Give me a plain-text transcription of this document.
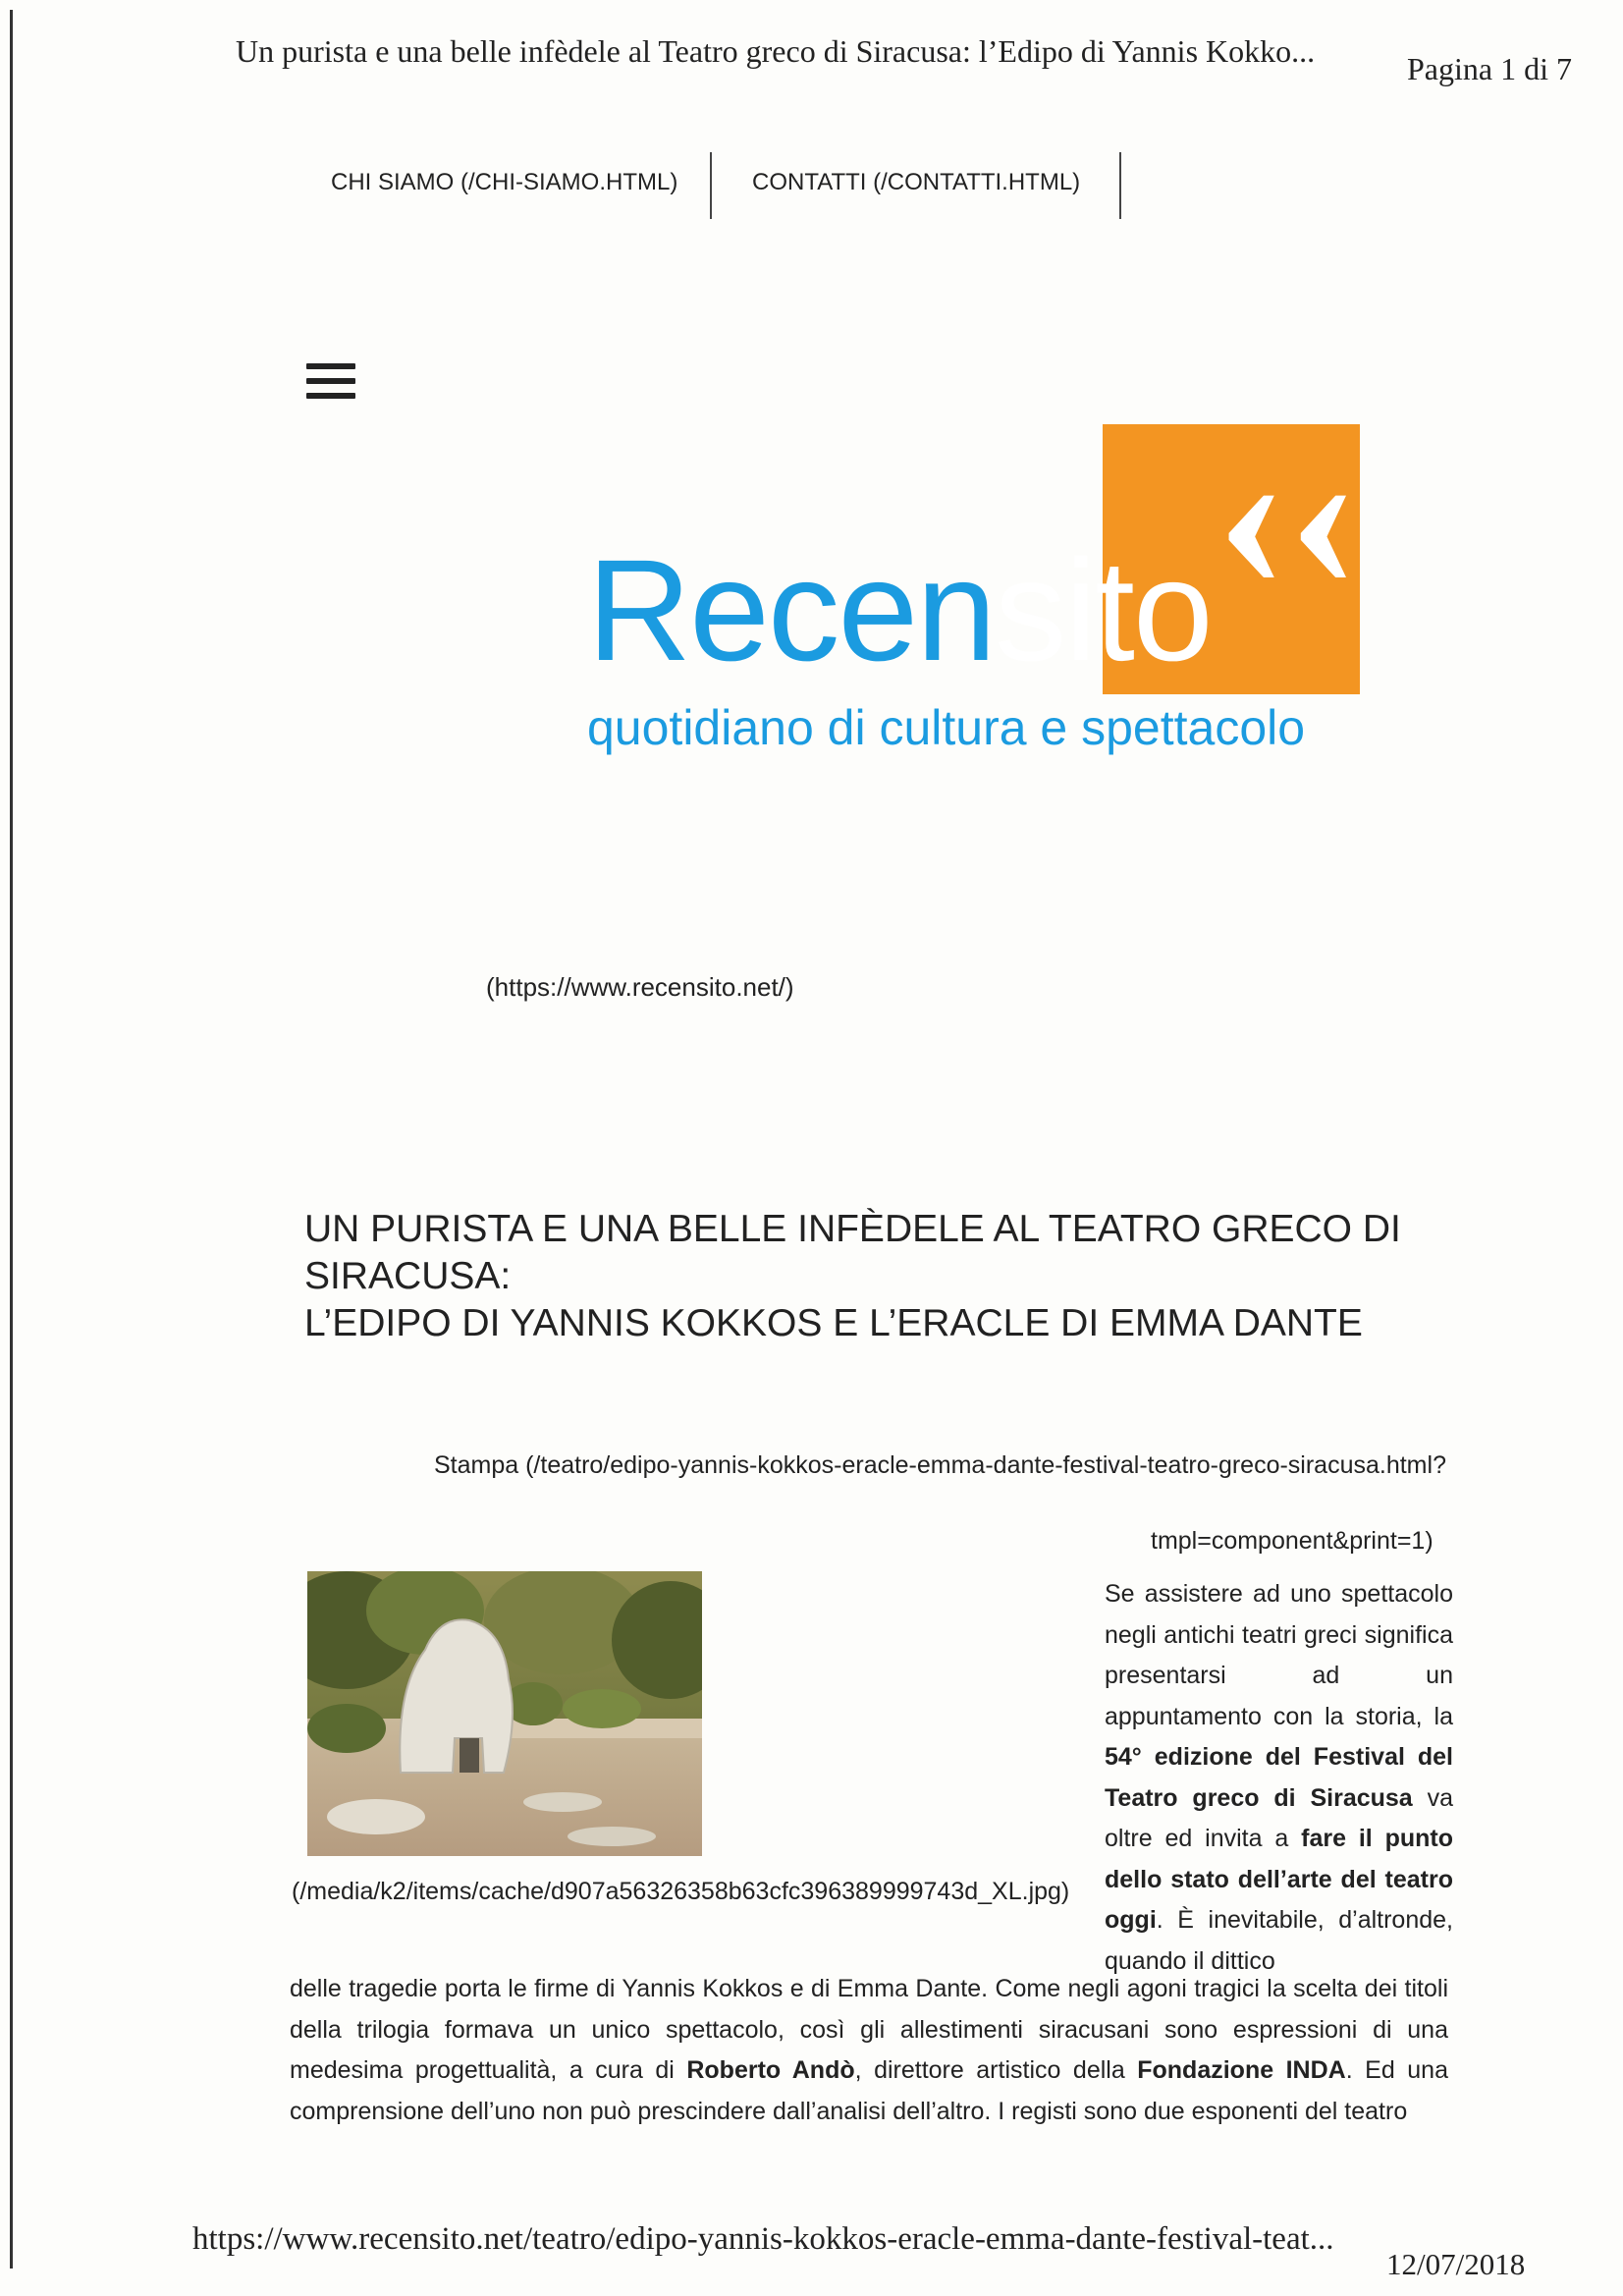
Un purista e una belle infèdele al Teatro greco di Siracusa: l’Edipo di Yannis Kokko...	Pagina 1 di 7
CHI SIAMO (/CHI-SIAMO.HTML)	CONTATTI (/CONTATTI.HTML)
‹‹
Recensito
quotidiano di cultura e spettacolo
(https://www.recensito.net/)
UN PURISTA E UNA BELLE INFÈDELE AL TEATRO GRECO DI SIRACUSA:
L’EDIPO DI YANNIS KOKKOS E L’ERACLE DI EMMA DANTE
Stampa (/teatro/edipo-yannis-kokkos-eracle-emma-dante-festival-teatro-greco-siracusa.html?
tmpl=component&print=1)
(/media/k2/items/cache/d907a56326358b63cfc396389999743d_XL.jpg)
Se assistere ad uno spettacolo negli antichi teatri greci significa presentarsi ad un appuntamento con la storia, la 54° edizione del Festival del Teatro greco di Siracusa va oltre ed invita a fare il punto dello stato dell’arte del teatro oggi. È inevitabile, d’altronde, quando il dittico
delle tragedie porta le firme di Yannis Kokkos e di Emma Dante. Come negli agoni tragici la scelta dei titoli della trilogia formava un unico spettacolo, così gli allestimenti siracusani sono espressioni di una medesima progettualità, a cura di Roberto Andò, direttore artistico della Fondazione INDA. Ed una comprensione dell’uno non può prescindere dall’analisi dell’altro. I registi sono due esponenti del teatro
https://www.recensito.net/teatro/edipo-yannis-kokkos-eracle-emma-dante-festival-teat...
12/07/2018
